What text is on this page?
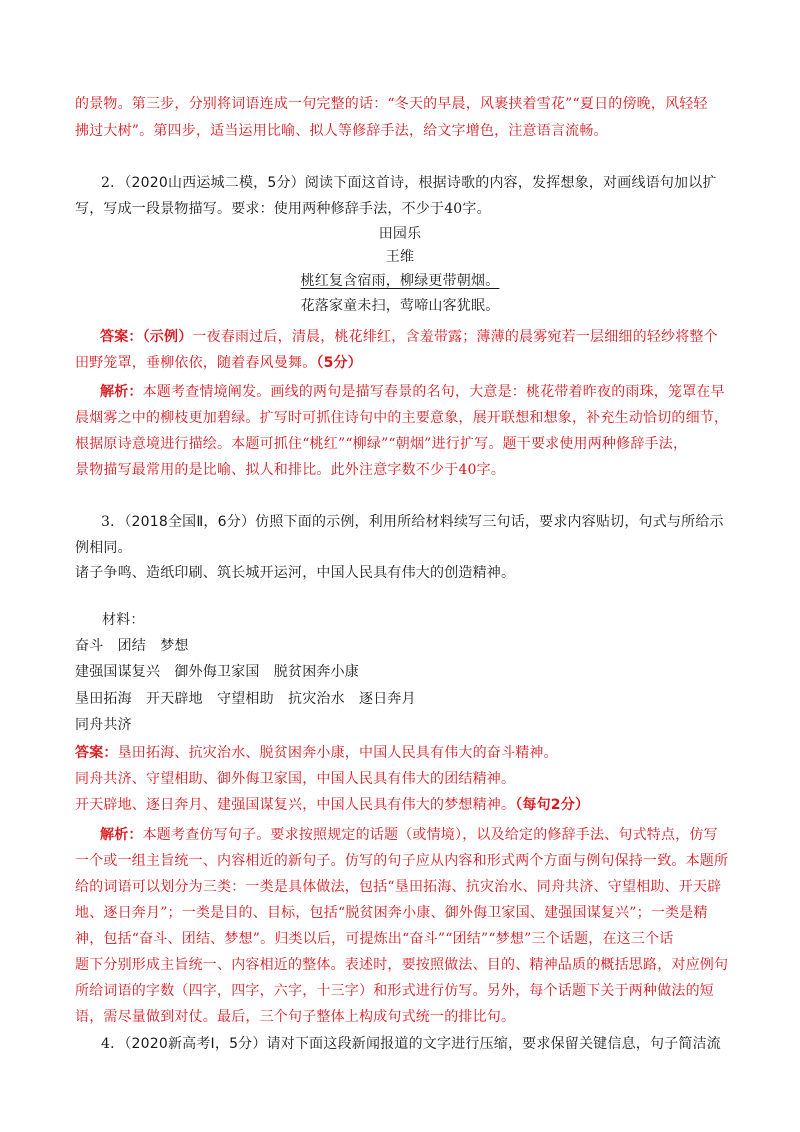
的景物。第三步，分别将词语连成一句完整的话：“冬天的早晨，风裹挟着雪花”“夏日的傍晚，风轻轻
拂过大树”。第四步，适当运用比喻、拟人等修辞手法，给文字增色，注意语言流畅。
2．（2020山西运城二模，5分）阅读下面这首诗，根据诗歌的内容，发挥想象，对画线语句加以扩
写，写成一段景物描写。要求：使用两种修辞手法，不少于40字。
田园乐
王维
桃红复含宿雨，柳绿更带朝烟。
花落家童未扫，莺啼山客犹眠。
答案：（示例）一夜春雨过后，清晨，桃花绯红，含羞带露；薄薄的晨雾宛若一层细细的轻纱将整个
田野笼罩，垂柳依依，随着春风曼舞。（5分）
解析：本题考查情境阐发。画线的两句是描写春景的名句，大意是：桃花带着昨夜的雨珠，笼罩在早
晨烟雾之中的柳枝更加碧绿。扩写时可抓住诗句中的主要意象，展开联想和想象，补充生动恰切的细节，
根据原诗意境进行描绘。本题可抓住“桃红”“柳绿”“朝烟”进行扩写。题干要求使用两种修辞手法，
景物描写最常用的是比喻、拟人和排比。此外注意字数不少于40字。
3．（2018全国Ⅱ，6分）仿照下面的示例，利用所给材料续写三句话，要求内容贴切，句式与所给示
例相同。
诸子争鸣、造纸印刷、筑长城开运河，中国人民具有伟大的创造精神。
材料：
奋斗　团结　梦想
建强国谋复兴　御外侮卫家国　脱贫困奔小康
垦田拓海　开天辟地　守望相助　抗灾治水　逐日奔月
同舟共济
答案：垦田拓海、抗灾治水、脱贫困奔小康，中国人民具有伟大的奋斗精神。
同舟共济、守望相助、御外侮卫家国，中国人民具有伟大的团结精神。
开天辟地、逐日奔月、建强国谋复兴，中国人民具有伟大的梦想精神。（每句2分）
解析：本题考查仿写句子。要求按照规定的话题（或情境），以及给定的修辞手法、句式特点，仿写
一个或一组主旨统一、内容相近的新句子。仿写的句子应从内容和形式两个方面与例句保持一致。本题所
给的词语可以划分为三类：一类是具体做法，包括“垦田拓海、抗灾治水、同舟共济、守望相助、开天辟
地、逐日奔月”；一类是目的、目标，包括“脱贫困奔小康、御外侮卫家国、建强国谋复兴”；一类是精
神，包括“奋斗、团结、梦想”。归类以后，可提炼出“奋斗”“团结”“梦想”三个话题，在这三个话
题下分别形成主旨统一、内容相近的整体。表述时，要按照做法、目的、精神品质的概括思路，对应例句
所给词语的字数（四字，四字，六字，十三字）和形式进行仿写。另外，每个话题下关于两种做法的短
语，需尽量做到对仗。最后，三个句子整体上构成句式统一的排比句。
4．（2020新高考Ⅰ，5分）请对下面这段新闻报道的文字进行压缩，要求保留关键信息，句子简洁流
